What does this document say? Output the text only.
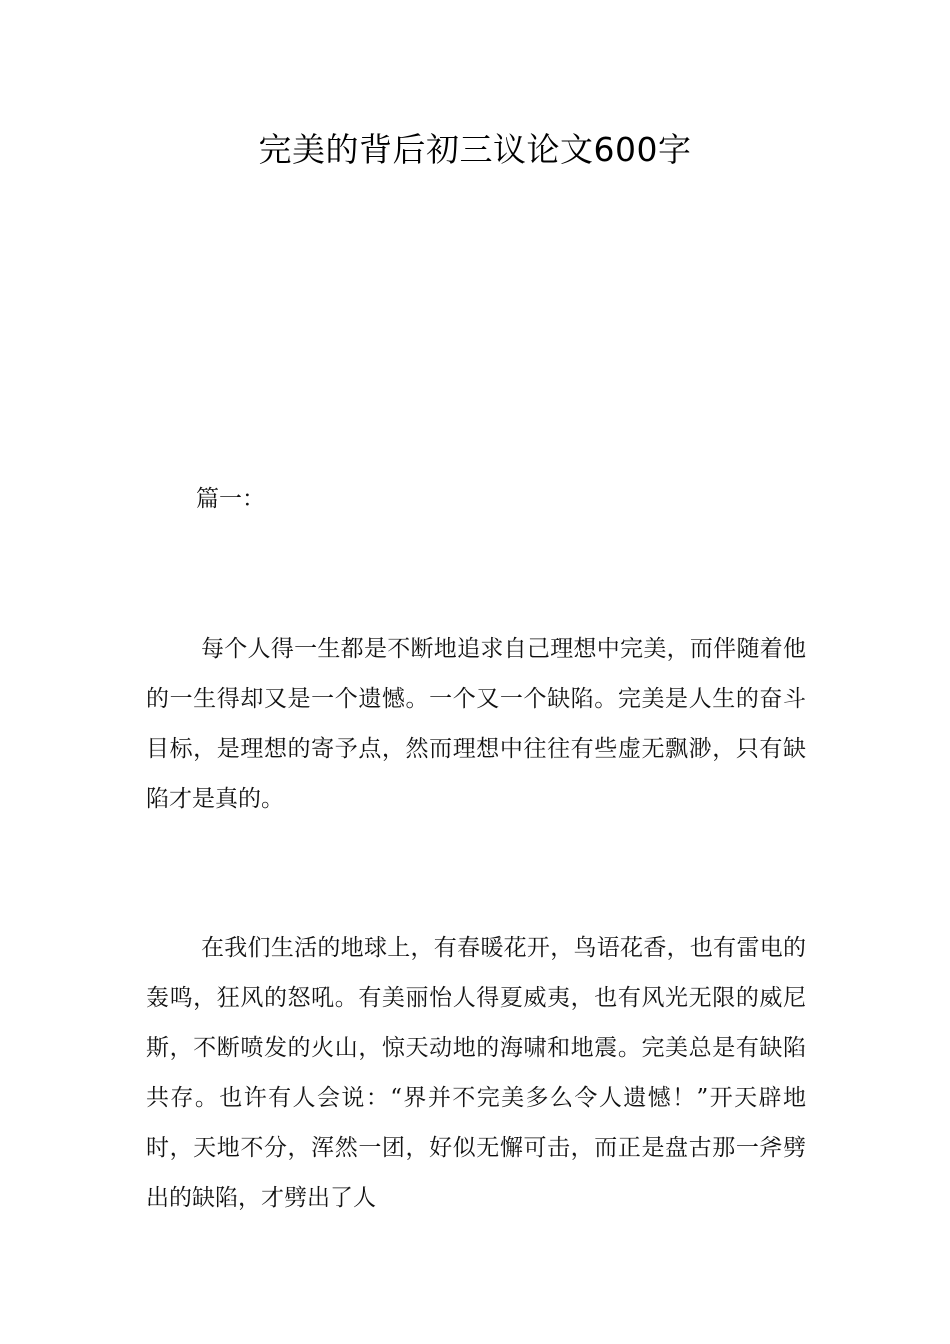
完美的背后初三议论文600字
篇一：

每个人得一生都是不断地追求自己理想中完美，而伴随着他的一生得却又是一个遗憾。一个又一个缺陷。完美是人生的奋斗目标，是理想的寄予点，然而理想中往往有些虚无飘渺，只有缺陷才是真的。

在我们生活的地球上，有春暖花开，鸟语花香，也有雷电的轰鸣，狂风的怒吼。有美丽怡人得夏威夷，也有风光无限的威尼斯，不断喷发的火山，惊天动地的海啸和地震。完美总是有缺陷共存。也许有人会说：“界并不完美多么令人遗憾！”开天辟地时，天地不分，浑然一团，好似无懈可击，而正是盘古那一斧劈出的缺陷，才劈出了人
